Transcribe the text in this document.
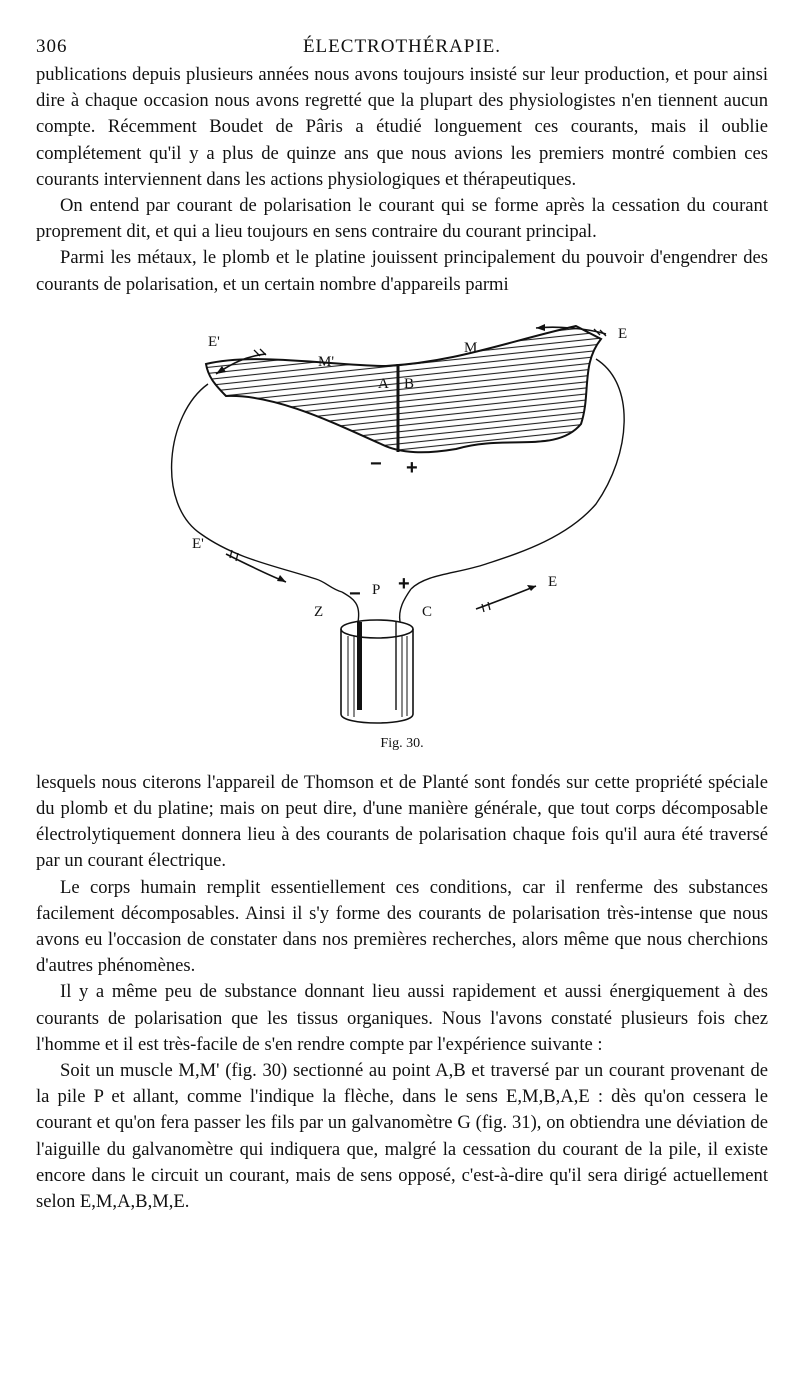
306	ÉLECTROTHÉRAPIE.

publications depuis plusieurs années nous avons toujours insisté sur leur production, et pour ainsi dire à chaque occasion nous avons regretté que la plupart des physiologistes n'en tiennent aucun compte. Récemment Boudet de Pâris a étudié longuement ces courants, mais il oublie complétement qu'il y a plus de quinze ans que nous avions les premiers montré combien ces courants interviennent dans les actions physiologiques et thérapeutiques.

On entend par courant de polarisation le courant qui se forme après la cessation du courant proprement dit, et qui a lieu toujours en sens contraire du courant principal.

Parmi les métaux, le plomb et le platine jouissent principalement du pouvoir d'engendrer des courants de polarisation, et un certain nombre d'appareils parmi

E'
M'
A B
M
E
− +
E'
− P +
Z	C
E
Fig. 30.

lesquels nous citerons l'appareil de Thomson et de Planté sont fondés sur cette propriété spéciale du plomb et du platine; mais on peut dire, d'une manière générale, que tout corps décomposable électrolytiquement donnera lieu à des courants de polarisation chaque fois qu'il aura été traversé par un courant électrique.

Le corps humain remplit essentiellement ces conditions, car il renferme des substances facilement décomposables. Ainsi il s'y forme des courants de polarisation très-intense que nous avons eu l'occasion de constater dans nos premières recherches, alors même que nous cherchions d'autres phénomènes.

Il y a même peu de substance donnant lieu aussi rapidement et aussi énergiquement à des courants de polarisation que les tissus organiques. Nous l'avons constaté plusieurs fois chez l'homme et il est très-facile de s'en rendre compte par l'expérience suivante :

Soit un muscle M,M' (fig. 30) sectionné au point A,B et traversé par un courant provenant de la pile P et allant, comme l'indique la flèche, dans le sens E,M,B,A,E : dès qu'on cessera le courant et qu'on fera passer les fils par un galvanomètre G (fig. 31), on obtiendra une déviation de l'aiguille du galvanomètre qui indiquera que, malgré la cessation du courant de la pile, il existe encore dans le circuit un courant, mais de sens opposé, c'est-à-dire qu'il sera dirigé actuellement selon E,M,A,B,M,E.
